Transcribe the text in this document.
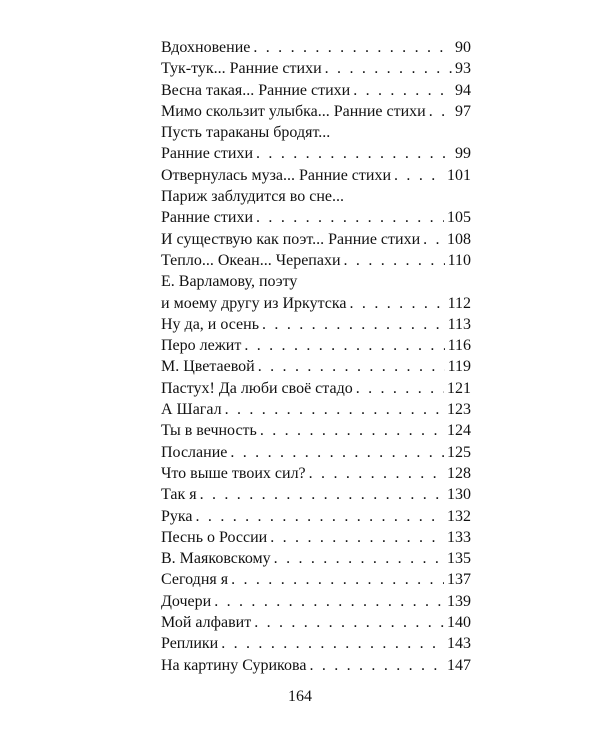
Вдохновение . . .	90
Тук-тук... Ранние стихи . . .	93
Весна такая... Ранние стихи . . .	94
Мимо скользит улыбка... Ранние стихи . . . 97
Пусть тараканы бродят...
Ранние стихи . . .	99
Отвернулась муза... Ранние стихи . . .	101
Париж заблудится во сне...
Ранние стихи . . .	105
И существую как поэт... Ранние стихи . . . 108
Тепло... Океан... Черепахи . . .	110
Е. Варламову, поэту
и моему другу из Иркутска . . .	112
Ну да, и осень . . .	113
Перо лежит . . .	116
М. Цветаевой . . .	119
Пастух! Да люби своё стадо . . .	121
А Шагал . . .	123
Ты в вечность . . .	124
Послание . . .	125
Что выше твоих сил? . . .	128
Так я . . .	130
Рука . . .	132
Песнь о России . . .	133
В. Маяковскому . . .	135
Сегодня я . . .	137
Дочери . . .	139
Мой алфавит . . .	140
Реплики . . .	143
На картину Сурикова . . .	147
164
